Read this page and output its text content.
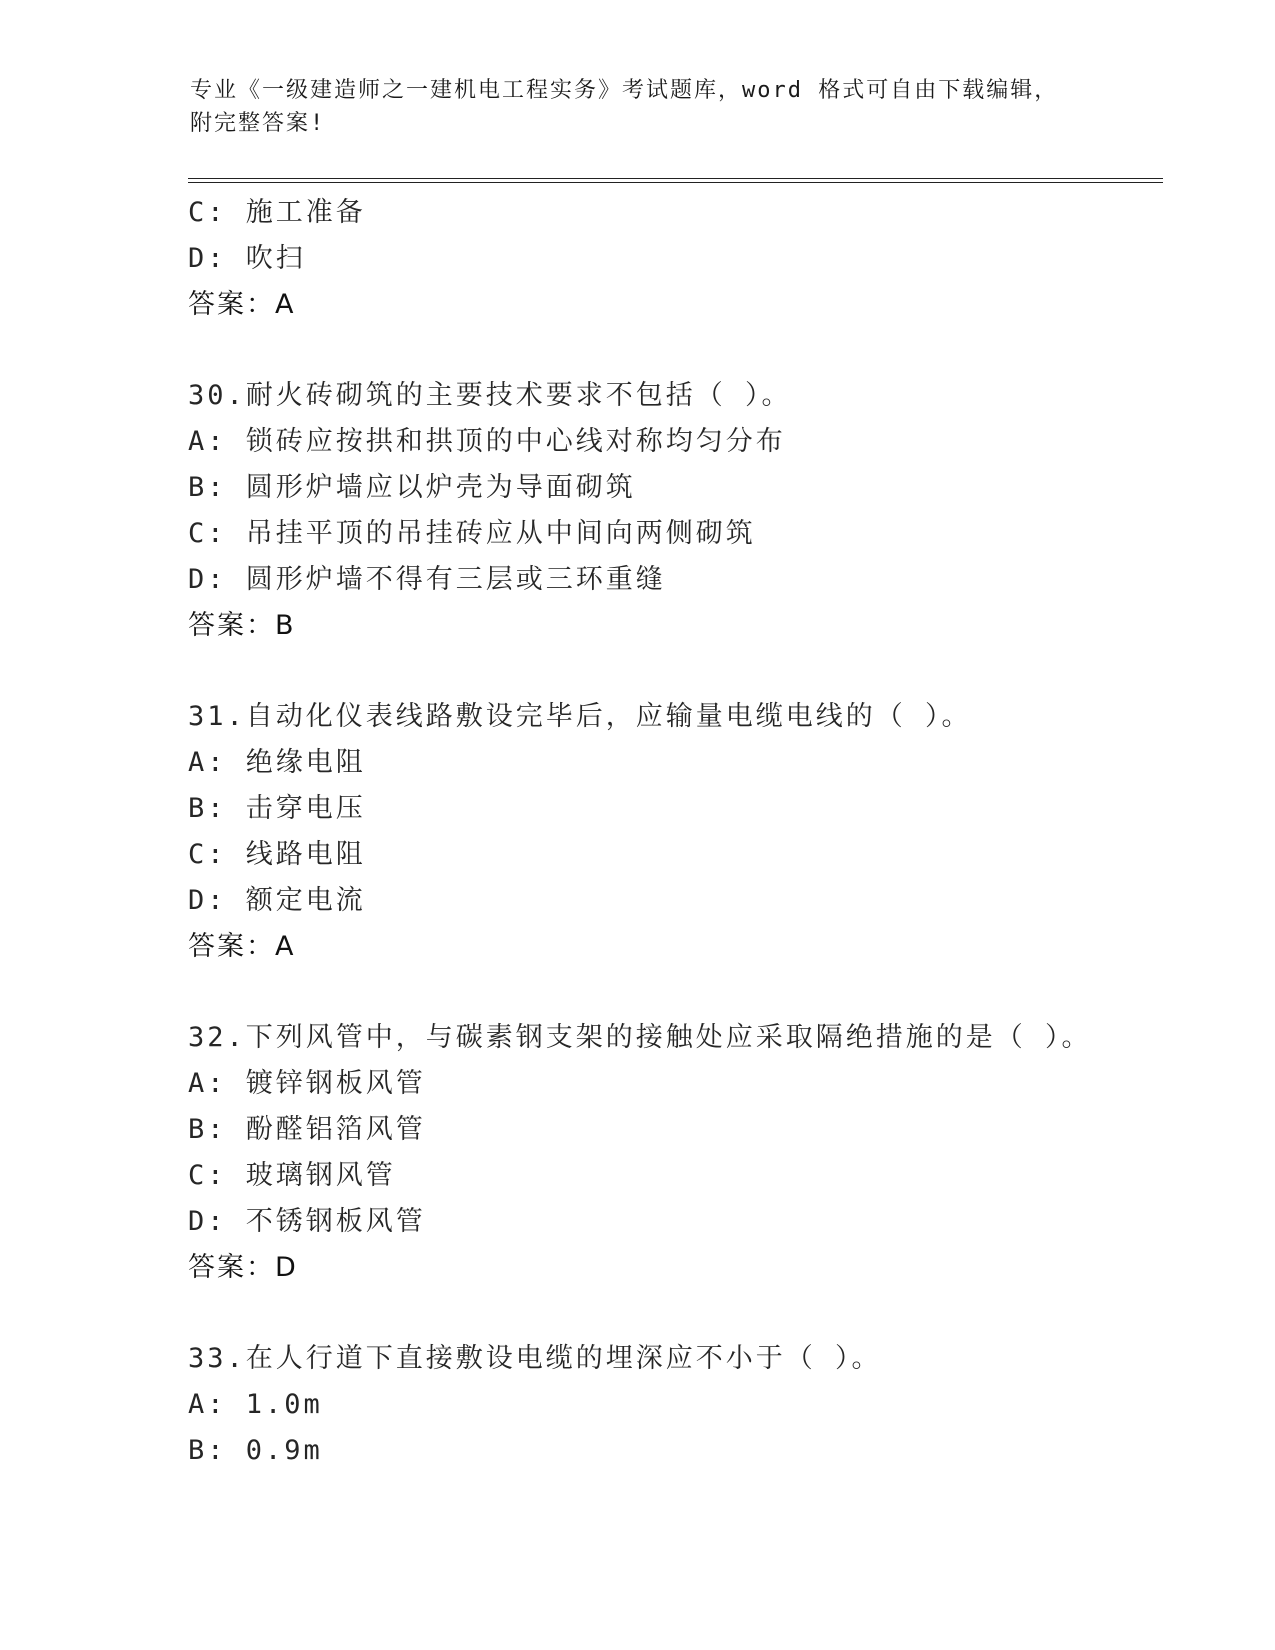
专业《一级建造师之一建机电工程实务》考试题库，word 格式可自由下载编辑，
附完整答案!
C: 施工准备
D: 吹扫
答案：A
30.耐火砖砌筑的主要技术要求不包括（ ）。
A: 锁砖应按拱和拱顶的中心线对称均匀分布
B: 圆形炉墙应以炉壳为导面砌筑
C: 吊挂平顶的吊挂砖应从中间向两侧砌筑
D: 圆形炉墙不得有三层或三环重缝
答案：B
31.自动化仪表线路敷设完毕后，应输量电缆电线的（ ）。
A: 绝缘电阻
B: 击穿电压
C: 线路电阻
D: 额定电流
答案：A
32.下列风管中，与碳素钢支架的接触处应采取隔绝措施的是（ ）。
A: 镀锌钢板风管
B: 酚醛铝箔风管
C: 玻璃钢风管
D: 不锈钢板风管
答案：D
33.在人行道下直接敷设电缆的埋深应不小于（ ）。
A: 1.0m
B: 0.9m
